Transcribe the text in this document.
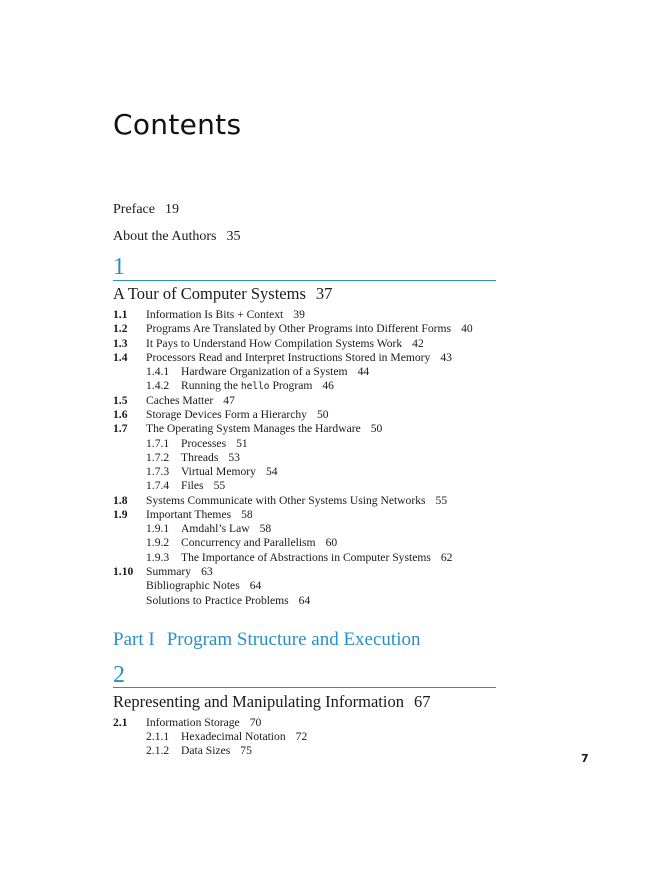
Contents
Preface 19
About the Authors 35
1
A Tour of Computer Systems 37
1.1 Information Is Bits + Context 39
1.2 Programs Are Translated by Other Programs into Different Forms 40
1.3 It Pays to Understand How Compilation Systems Work 42
1.4 Processors Read and Interpret Instructions Stored in Memory 43
1.4.1 Hardware Organization of a System 44
1.4.2 Running the hello Program 46
1.5 Caches Matter 47
1.6 Storage Devices Form a Hierarchy 50
1.7 The Operating System Manages the Hardware 50
1.7.1 Processes 51
1.7.2 Threads 53
1.7.3 Virtual Memory 54
1.7.4 Files 55
1.8 Systems Communicate with Other Systems Using Networks 55
1.9 Important Themes 58
1.9.1 Amdahl’s Law 58
1.9.2 Concurrency and Parallelism 60
1.9.3 The Importance of Abstractions in Computer Systems 62
1.10 Summary 63
Bibliographic Notes 64
Solutions to Practice Problems 64
Part I Program Structure and Execution
2
Representing and Manipulating Information 67
2.1 Information Storage 70
2.1.1 Hexadecimal Notation 72
2.1.2 Data Sizes 75
7
